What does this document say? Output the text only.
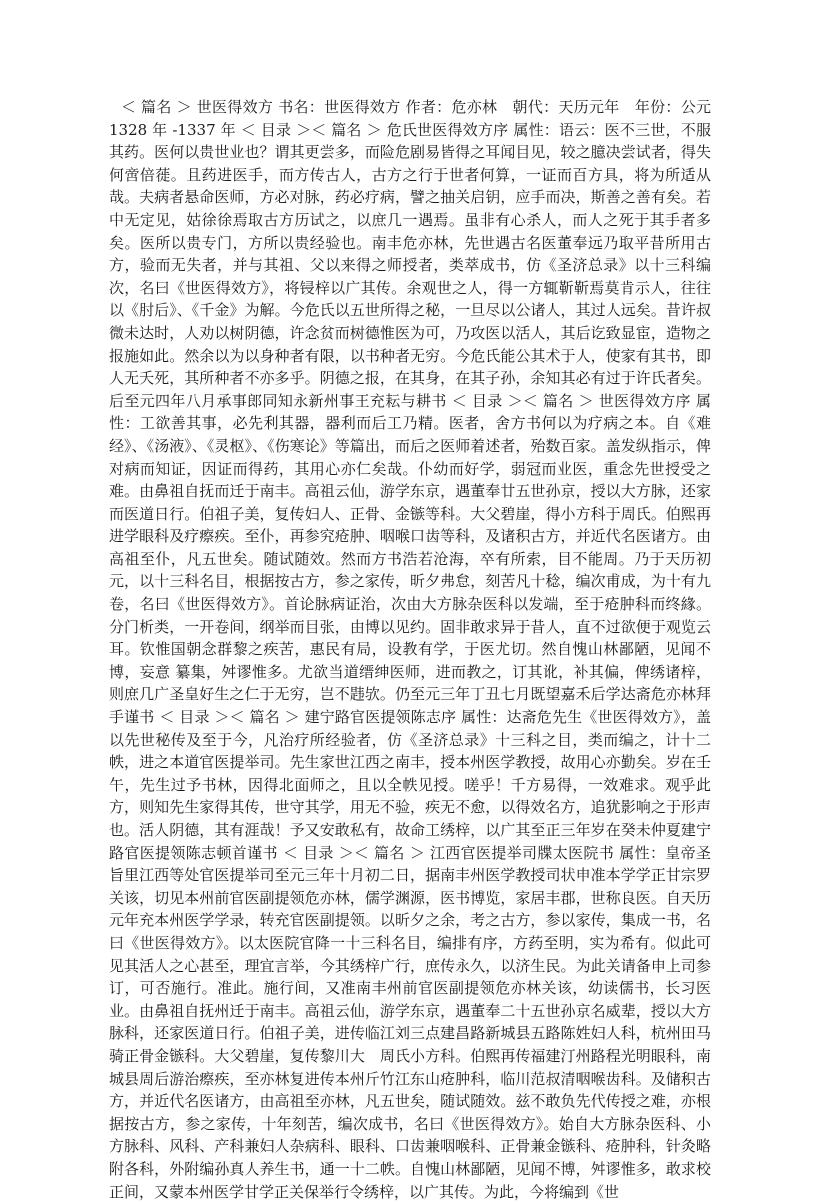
＜ 篇名 ＞ 世医得效方 书名：世医得效方 作者：危亦林　朝代：天历元年　年份：公元 1328 年 -1337 年 ＜ 目录 ＞＜ 篇名 ＞ 危氏世医得效方序 属性：语云：医不三世，不服其药。医何以贵世业也？谓其更尝多，而险危剧易皆得之耳闻目见，较之臆决尝试者，得失何啻倍蓰。且药进医手，而方传古人，古方之行于世者何算，一证而百方具，将为所适从哉。夫病者悬命医师，方必对脉，药必疗病，譬之抽关启钥，应手而决，斯善之善有矣。若中无定见，姑徐徐焉取古方历试之，以庶几一遇焉。虽非有心杀人，而人之死于其手者多矣。医所以贵专门，方所以贵经验也。南丰危亦林，先世遇古名医董奉远乃取平昔所用古方，验而无失者，并与其祖、父以来得之师授者，类萃成书，仿《圣济总录》以十三科编次，名曰《世医得效方》，将锓梓以广其传。余观世之人，得一方辄靳靳焉莫肯示人，往往以《肘后》、《千金》为解。今危氏以五世所得之秘，一旦尽以公诸人，其过人远矣。昔许叔微未达时，人劝以树阴德，许念贫而树德惟医为可，乃攻医以活人，其后讫致显宦，造物之报施如此。然余以为以身种者有限，以书种者无穷。今危氏能公其术于人，使家有其书，即人无夭死，其所种者不亦多乎。阴德之报，在其身，在其子孙，余知其必有过于许氏者矣。后至元四年八月承事郎同知永新州事王充耘与耕书 ＜ 目录 ＞＜ 篇名 ＞ 世医得效方序 属性：工欲善其事，必先利其器，器利而后工乃精。医者，舍方书何以为疗病之本。自《难经》、《汤液》、《灵枢》、《伤寒论》等篇出，而后之医师着述者，殆数百家。盖发纵指示，俾对病而知证，因证而得药，其用心亦仁矣哉。仆幼而好学，弱冠而业医，重念先世授受之难。由鼻祖自抚而迁于南丰。高祖云仙，游学东京，遇董奉廿五世孙京，授以大方脉，还家而医道日行。伯祖子美，复传妇人、正骨、金镞等科。大父碧崖，得小方科于周氏。伯熙再进学眼科及疗瘵疾。至仆，再参究疮肿、咽喉口齿等科，及诸积古方，并近代名医诸方。由高祖至仆，凡五世矣。随试随效。然而方书浩若沧海，卒有所索，目不能周。乃于天历初元，以十三科名目，根据按古方，参之家传，昕夕弗怠，刻苦凡十稔，编次甫成，为十有九卷，名曰《世医得效方》。首论脉病证治，次由大方脉杂医科以发端，至于疮肿科而终緣。分门析类，一开卷间，纲举而目张，由博以见约。固非敢求异于昔人，直不过欲便于观览云耳。钦惟国朝念群黎之疾苦，惠民有局，设教有学，于医尤切。然自愧山林鄙陋，见闻不博，妄意 纂集，舛谬惟多。尤欲当道缙绅医师，进而教之，订其讹，补其偏，俾绣诸梓，则庶几广圣皇好生之仁于无穷，岂不韪欤。仍至元三年丁丑七月既望嘉禾后学达斋危亦林拜手谨书 ＜ 目录 ＞＜ 篇名 ＞ 建宁路官医提领陈志序 属性：达斋危先生《世医得效方》，盖以先世秘传及至于今，凡治疗所经验者，仿《圣济总录》十三科之目，类而编之，计十二帙，进之本道官医提举司。先生家世江西之南丰，授本州医学教授，故用心亦勤矣。岁在壬午，先生过予书林，因得北面师之，且以全帙见授。嗟乎！千方易得，一效难求。观乎此方，则知先生家得其传，世守其学，用无不验，疾无不愈，以得效名方，追犹影响之于形声也。活人阴德，其有涯哉！予又安敢私有，故命工绣梓，以广其至正三年岁在癸未仲夏建宁路官医提领陈志顿首谨书 ＜ 目录 ＞＜ 篇名 ＞ 江西官医提举司牒太医院书 属性：皇帝圣旨里江西等处官医提举司至元三年十月初二日，据南丰州医学教授司状申准本学学正甘宗罗关该，切见本州前官医副提领危亦林，儒学渊源，医书博览，家居丰郡，世称良医。自天历元年充本州医学学录，转充官医副提领。以昕夕之余，考之古方，参以家传，集成一书，名曰《世医得效方》。以太医院官降一十三科名目，编排有序，方药至明，实为希有。似此可见其活人之心甚至，理宜言举，今其绣梓广行，庶传永久，以济生民。为此关请备申上司参订，可否施行。准此。施行间，又准南丰州前官医副提领危亦林关该，幼读儒书，长习医业。由鼻祖自抚州迁于南丰。高祖云仙，游学东京，遇董奉二十五世孙京名威辈，授以大方脉科，还家医道日行。伯祖子美，进传临江刘三点建昌路新城县五路陈姓妇人科，杭州田马骑正骨金镞科。大父碧崖，复传黎川大　周氏小方科。伯熙再传福建汀州路程光明眼科，南城县周后游治瘵疾，至亦林复进传本州斤竹江东山疮肿科，临川范叔清咽喉齿科。及储积古方，并近代名医诸方，由高祖至亦林，凡五世矣，随试随效。兹不敢负先代传授之难，亦根据按古方，参之家传，十年刻苦，编次成书，名曰《世医得效方》。始自大方脉杂医科、小方脉科、风科、产科兼妇人杂病科、眼科、口齿兼咽喉科、正骨兼金镞科、疮肿科，针灸略附各科，外附编孙真人养生书，通一十二帙。自愧山林鄙陋，见闻不博，舛谬惟多，敢求校正间，又蒙本州医学甘学正关保举行令绣梓，以广其传。为此，今将编到《世
